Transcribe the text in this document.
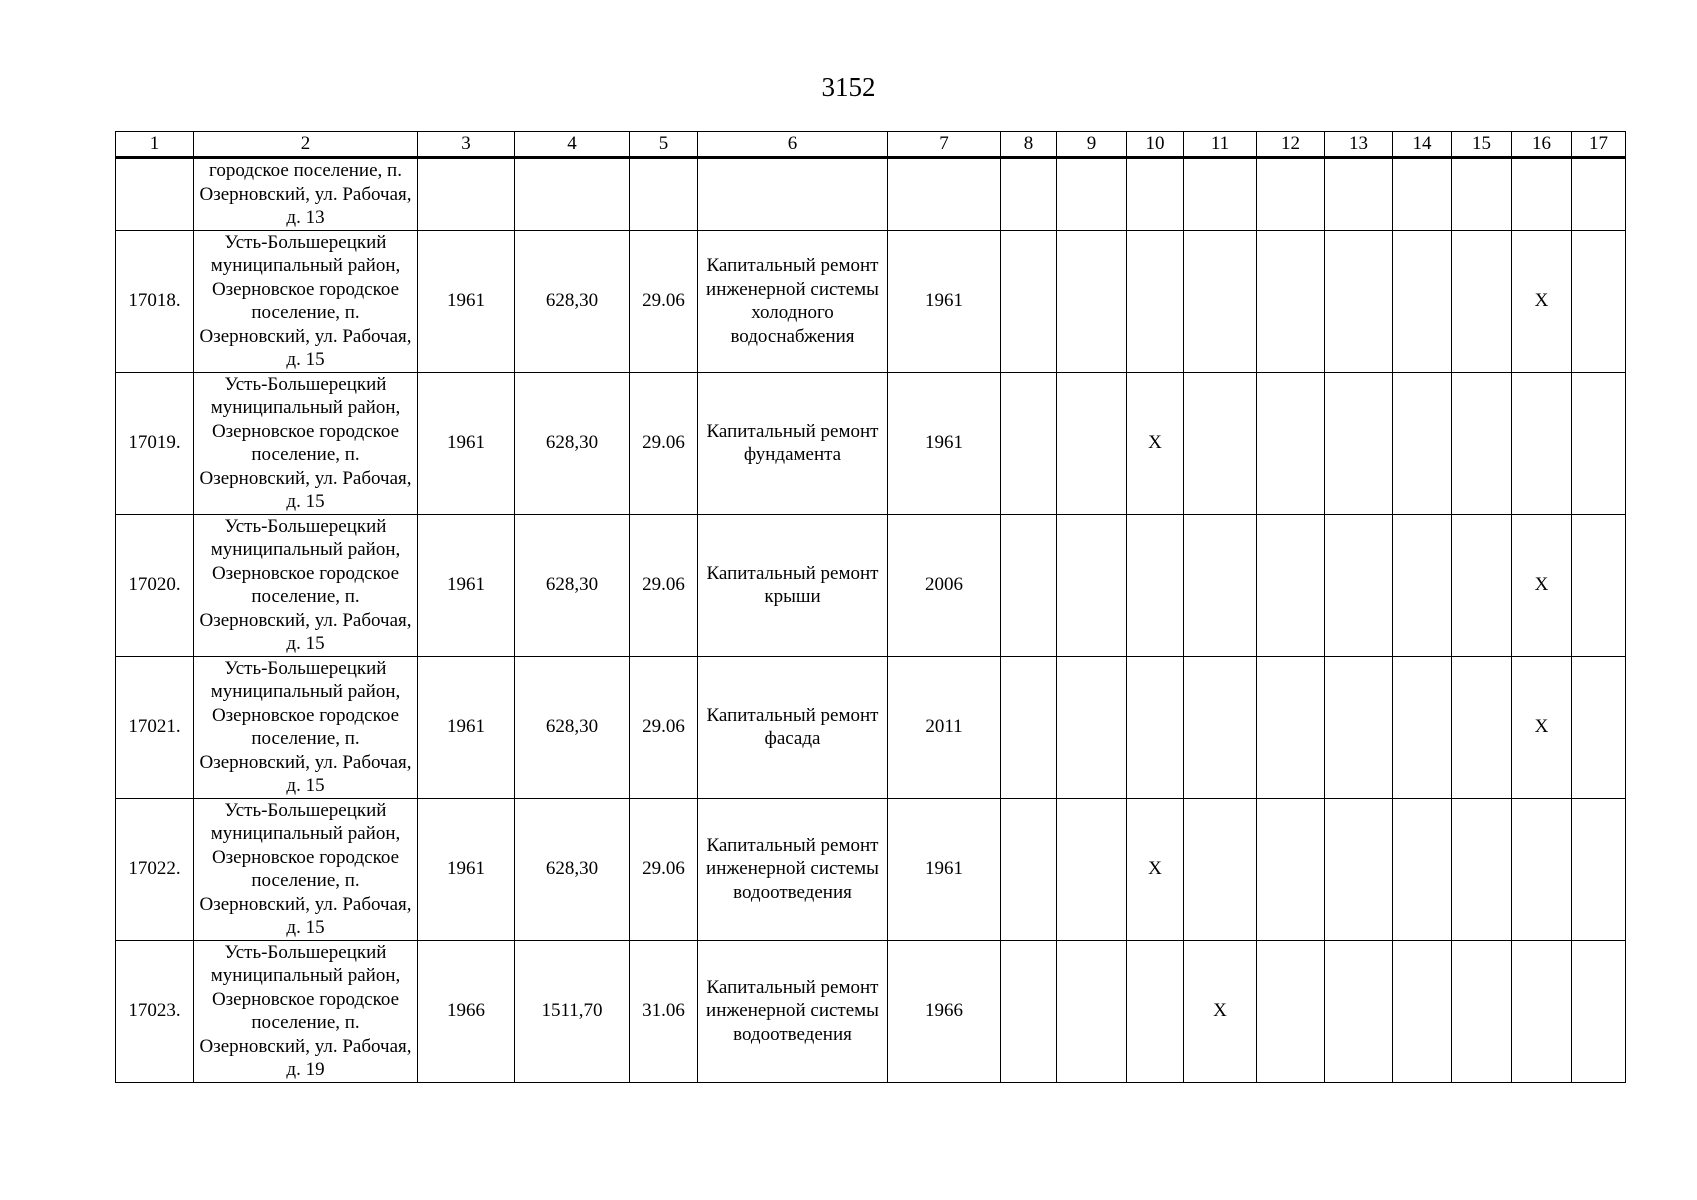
3152
1	2	3	4	5	6	7	8	9	10	11	12	13	14	15	16	17
	городское поселение, п. Озерновский, ул. Рабочая, д. 13															
17018.	Усть-Большерецкий муниципальный район, Озерновское городское поселение, п. Озерновский, ул. Рабочая, д. 15	1961	628,30	29.06	Капитальный ремонт инженерной системы холодного водоснабжения	1961									X	
17019.	Усть-Большерецкий муниципальный район, Озерновское городское поселение, п. Озерновский, ул. Рабочая, д. 15	1961	628,30	29.06	Капитальный ремонт фундамента	1961			X							
17020.	Усть-Большерецкий муниципальный район, Озерновское городское поселение, п. Озерновский, ул. Рабочая, д. 15	1961	628,30	29.06	Капитальный ремонт крыши	2006									X	
17021.	Усть-Большерецкий муниципальный район, Озерновское городское поселение, п. Озерновский, ул. Рабочая, д. 15	1961	628,30	29.06	Капитальный ремонт фасада	2011									X	
17022.	Усть-Большерецкий муниципальный район, Озерновское городское поселение, п. Озерновский, ул. Рабочая, д. 15	1961	628,30	29.06	Капитальный ремонт инженерной системы водоотведения	1961			X							
17023.	Усть-Большерецкий муниципальный район, Озерновское городское поселение, п. Озерновский, ул. Рабочая, д. 19	1966	1511,70	31.06	Капитальный ремонт инженерной системы водоотведения	1966				X						
